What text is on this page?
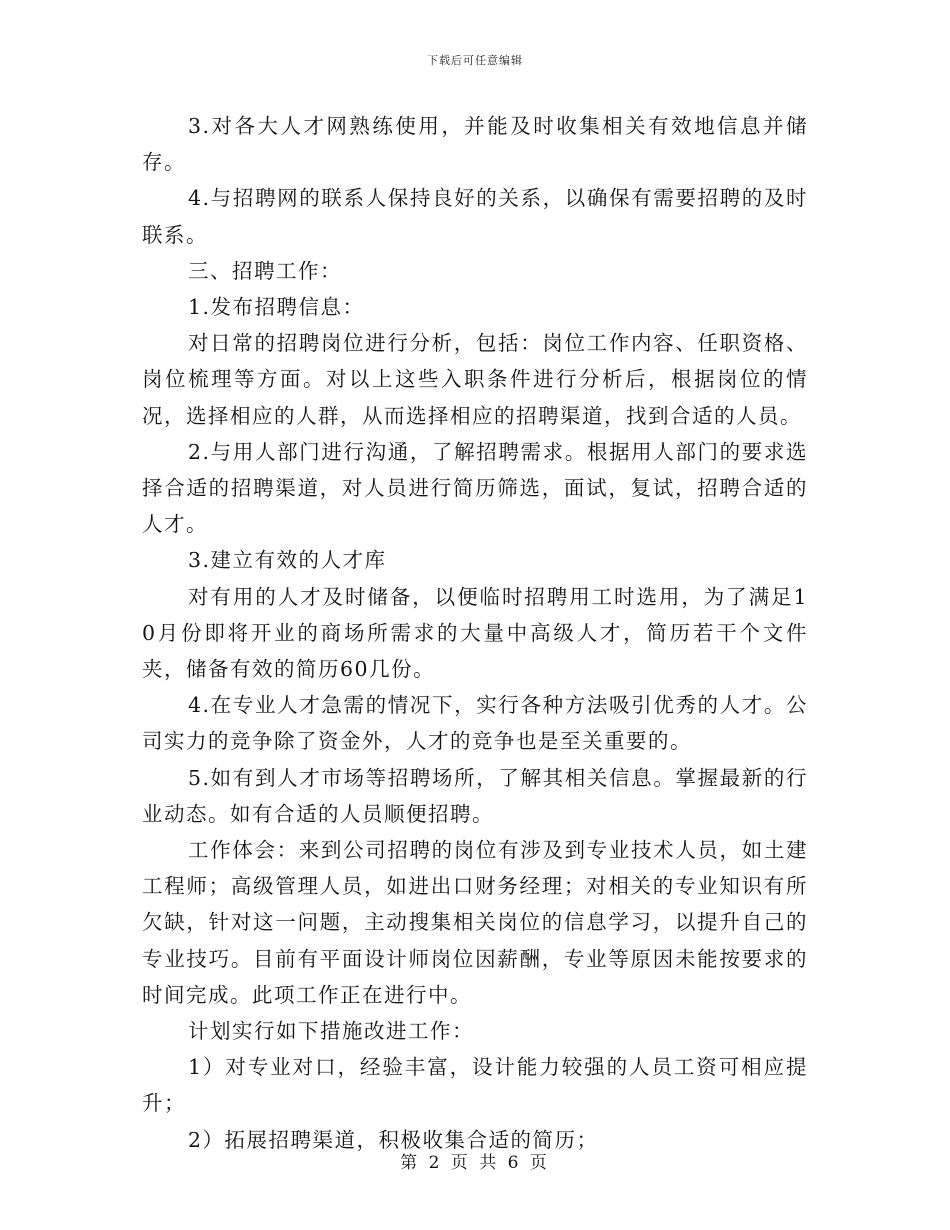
下载后可任意编辑

3.对各大人才网熟练使用，并能及时收集相关有效地信息并储存。

4.与招聘网的联系人保持良好的关系，以确保有需要招聘的及时联系。

三、招聘工作：

1.发布招聘信息：

对日常的招聘岗位进行分析，包括：岗位工作内容、任职资格、岗位梳理等方面。对以上这些入职条件进行分析后，根据岗位的情况，选择相应的人群，从而选择相应的招聘渠道，找到合适的人员。

2.与用人部门进行沟通，了解招聘需求。根据用人部门的要求选择合适的招聘渠道，对人员进行简历筛选，面试，复试，招聘合适的人才。

3.建立有效的人才库

对有用的人才及时储备，以便临时招聘用工时选用，为了满足10月份即将开业的商场所需求的大量中高级人才，简历若干个文件夹，储备有效的简历60几份。

4.在专业人才急需的情况下，实行各种方法吸引优秀的人才。公司实力的竞争除了资金外，人才的竞争也是至关重要的。

5.如有到人才市场等招聘场所，了解其相关信息。掌握最新的行业动态。如有合适的人员顺便招聘。

工作体会：来到公司招聘的岗位有涉及到专业技术人员，如土建工程师；高级管理人员，如进出口财务经理；对相关的专业知识有所欠缺，针对这一问题，主动搜集相关岗位的信息学习，以提升自己的专业技巧。目前有平面设计师岗位因薪酬，专业等原因未能按要求的时间完成。此项工作正在进行中。

计划实行如下措施改进工作：

1）对专业对口，经验丰富，设计能力较强的人员工资可相应提升；

2）拓展招聘渠道，积极收集合适的简历；

第 2 页 共 6 页
